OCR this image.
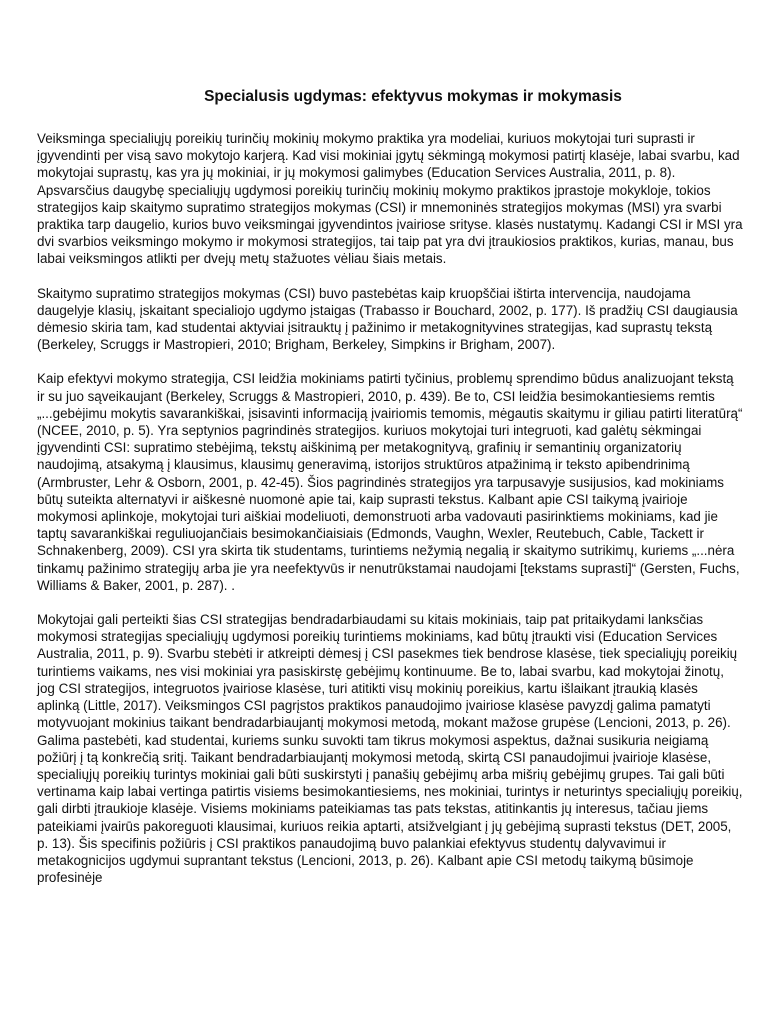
Specialusis ugdymas: efektyvus mokymas ir mokymasis

Veiksminga specialiųjų poreikių turinčių mokinių mokymo praktika yra modeliai, kuriuos mokytojai turi suprasti ir įgyvendinti per visą savo mokytojo karjerą. Kad visi mokiniai įgytų sėkmingą mokymosi patirtį klasėje, labai svarbu, kad mokytojai suprastų, kas yra jų mokiniai, ir jų mokymosi galimybes (Education Services Australia, 2011, p. 8). Apsvarsčius daugybę specialiųjų ugdymosi poreikių turinčių mokinių mokymo praktikos įprastoje mokykloje, tokios strategijos kaip skaitymo supratimo strategijos mokymas (CSI) ir mnemoninės strategijos mokymas (MSI) yra svarbi praktika tarp daugelio, kurios buvo veiksmingai įgyvendintos įvairiose srityse. klasės nustatymų. Kadangi CSI ir MSI yra dvi svarbios veiksmingo mokymo ir mokymosi strategijos, tai taip pat yra dvi įtraukiosios praktikos, kurias, manau, bus labai veiksmingos atlikti per dvejų metų stažuotes vėliau šiais metais.

Skaitymo supratimo strategijos mokymas (CSI) buvo pastebėtas kaip kruopščiai ištirta intervencija, naudojama daugelyje klasių, įskaitant specialiojo ugdymo įstaigas (Trabasso ir Bouchard, 2002, p. 177). Iš pradžių CSI daugiausia dėmesio skiria tam, kad studentai aktyviai įsitrauktų į pažinimo ir metakognityvines strategijas, kad suprastų tekstą (Berkeley, Scruggs ir Mastropieri, 2010; Brigham, Berkeley, Simpkins ir Brigham, 2007).

Kaip efektyvi mokymo strategija, CSI leidžia mokiniams patirti tyčinius, problemų sprendimo būdus analizuojant tekstą ir su juo sąveikaujant (Berkeley, Scruggs & Mastropieri, 2010, p. 439). Be to, CSI leidžia besimokantiesiems remtis „...gebėjimu mokytis savarankiškai, įsisavinti informaciją įvairiomis temomis, mėgautis skaitymu ir giliau patirti literatūrą“ (NCEE, 2010, p. 5). Yra septynios pagrindinės strategijos. kuriuos mokytojai turi integruoti, kad galėtų sėkmingai įgyvendinti CSI: supratimo stebėjimą, tekstų aiškinimą per metakognityvą, grafinių ir semantinių organizatorių naudojimą, atsakymą į klausimus, klausimų generavimą, istorijos struktūros atpažinimą ir teksto apibendrinimą (Armbruster, Lehr & Osborn, 2001, p. 42-45). Šios pagrindinės strategijos yra tarpusavyje susijusios, kad mokiniams būtų suteikta alternatyvi ir aiškesnė nuomonė apie tai, kaip suprasti tekstus. Kalbant apie CSI taikymą įvairioje mokymosi aplinkoje, mokytojai turi aiškiai modeliuoti, demonstruoti arba vadovauti pasirinktiems mokiniams, kad jie taptų savarankiškai reguliuojančiais besimokančiaisiais (Edmonds, Vaughn, Wexler, Reutebuch, Cable, Tackett ir Schnakenberg, 2009). CSI yra skirta tik studentams, turintiems nežymią negalią ir skaitymo sutrikimų, kuriems „...nėra tinkamų pažinimo strategijų arba jie yra neefektyvūs ir nenutrūkstamai naudojami [tekstams suprasti]“ (Gersten, Fuchs, Williams & Baker, 2001, p. 287). .

Mokytojai gali perteikti šias CSI strategijas bendradarbiaudami su kitais mokiniais, taip pat pritaikydami lanksčias mokymosi strategijas specialiųjų ugdymosi poreikių turintiems mokiniams, kad būtų įtraukti visi (Education Services Australia, 2011, p. 9). Svarbu stebėti ir atkreipti dėmesį į CSI pasekmes tiek bendrose klasėse, tiek specialiųjų poreikių turintiems vaikams, nes visi mokiniai yra pasiskirstę gebėjimų kontinuume. Be to, labai svarbu, kad mokytojai žinotų, jog CSI strategijos, integruotos įvairiose klasėse, turi atitikti visų mokinių poreikius, kartu išlaikant įtraukią klasės aplinką (Little, 2017). Veiksmingos CSI pagrįstos praktikos panaudojimo įvairiose klasėse pavyzdį galima pamatyti motyvuojant mokinius taikant bendradarbiaujantį mokymosi metodą, mokant mažose grupėse (Lencioni, 2013, p. 26). Galima pastebėti, kad studentai, kuriems sunku suvokti tam tikrus mokymosi aspektus, dažnai susikuria neigiamą požiūrį į tą konkrečią sritį. Taikant bendradarbiaujantį mokymosi metodą, skirtą CSI panaudojimui įvairioje klasėse, specialiųjų poreikių turintys mokiniai gali būti suskirstyti į panašių gebėjimų arba mišrių gebėjimų grupes. Tai gali būti vertinama kaip labai vertinga patirtis visiems besimokantiesiems, nes mokiniai, turintys ir neturintys specialiųjų poreikių, gali dirbti įtraukioje klasėje. Visiems mokiniams pateikiamas tas pats tekstas, atitinkantis jų interesus, tačiau jiems pateikiami įvairūs pakoreguoti klausimai, kuriuos reikia aptarti, atsižvelgiant į jų gebėjimą suprasti tekstus (DET, 2005, p. 13). Šis specifinis požiūris į CSI praktikos panaudojimą buvo palankiai efektyvus studentų dalyvavimui ir metakognicijos ugdymui suprantant tekstus (Lencioni, 2013, p. 26). Kalbant apie CSI metodų taikymą būsimoje profesinėje
